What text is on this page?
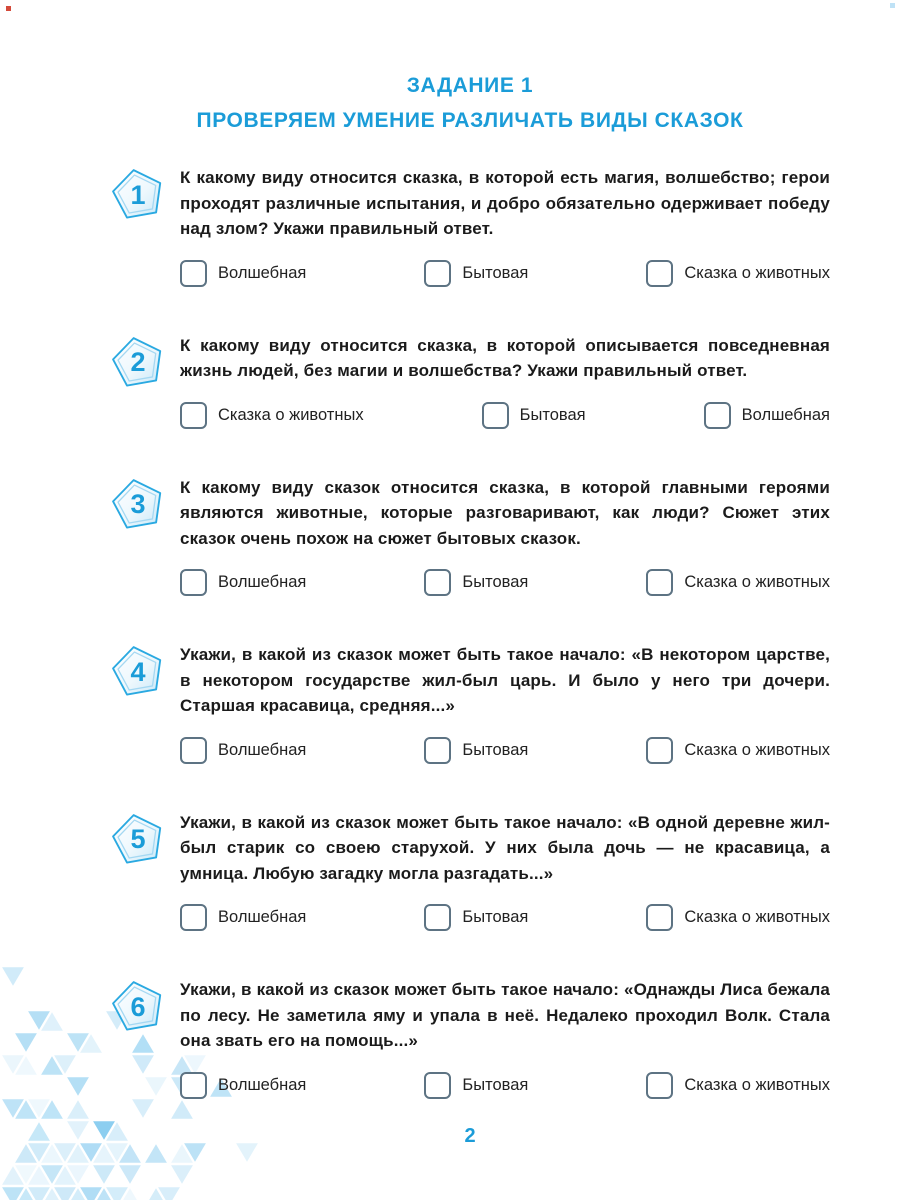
ЗАДАНИЕ 1
ПРОВЕРЯЕМ УМЕНИЕ РАЗЛИЧАТЬ ВИДЫ СКАЗОК
1

К какому виду относится сказка, в которой есть магия, волшебство; герои проходят различные испытания, и добро обязательно одерживает победу над злом? Укажи правильный ответ.

Волшебная	Бытовая	Сказка о животных
2

К какому виду относится сказка, в которой описывается повседневная жизнь людей, без магии и волшебства? Укажи правильный ответ.

Сказка о животных	Бытовая	Волшебная
3

К какому виду сказок относится сказка, в которой главными героями являются животные, которые разговаривают, как люди? Сюжет этих сказок очень похож на сюжет бытовых сказок.

Волшебная	Бытовая	Сказка о животных
4

Укажи, в какой из сказок может быть такое начало: «В некотором царстве, в некотором государстве жил-был царь. И было у него три дочери. Старшая красавица, средняя...»

Волшебная	Бытовая	Сказка о животных
5

Укажи, в какой из сказок может быть такое начало: «В одной деревне жил-был старик со своею старухой. У них была дочь — не красавица, а умница. Любую загадку могла разгадать...»

Волшебная	Бытовая	Сказка о животных
6

Укажи, в какой из сказок может быть такое начало: «Однажды Лиса бежала по лесу. Не заметила яму и упала в неё. Недалеко проходил Волк. Стала она звать его на помощь...»

Волшебная	Бытовая	Сказка о животных
2
